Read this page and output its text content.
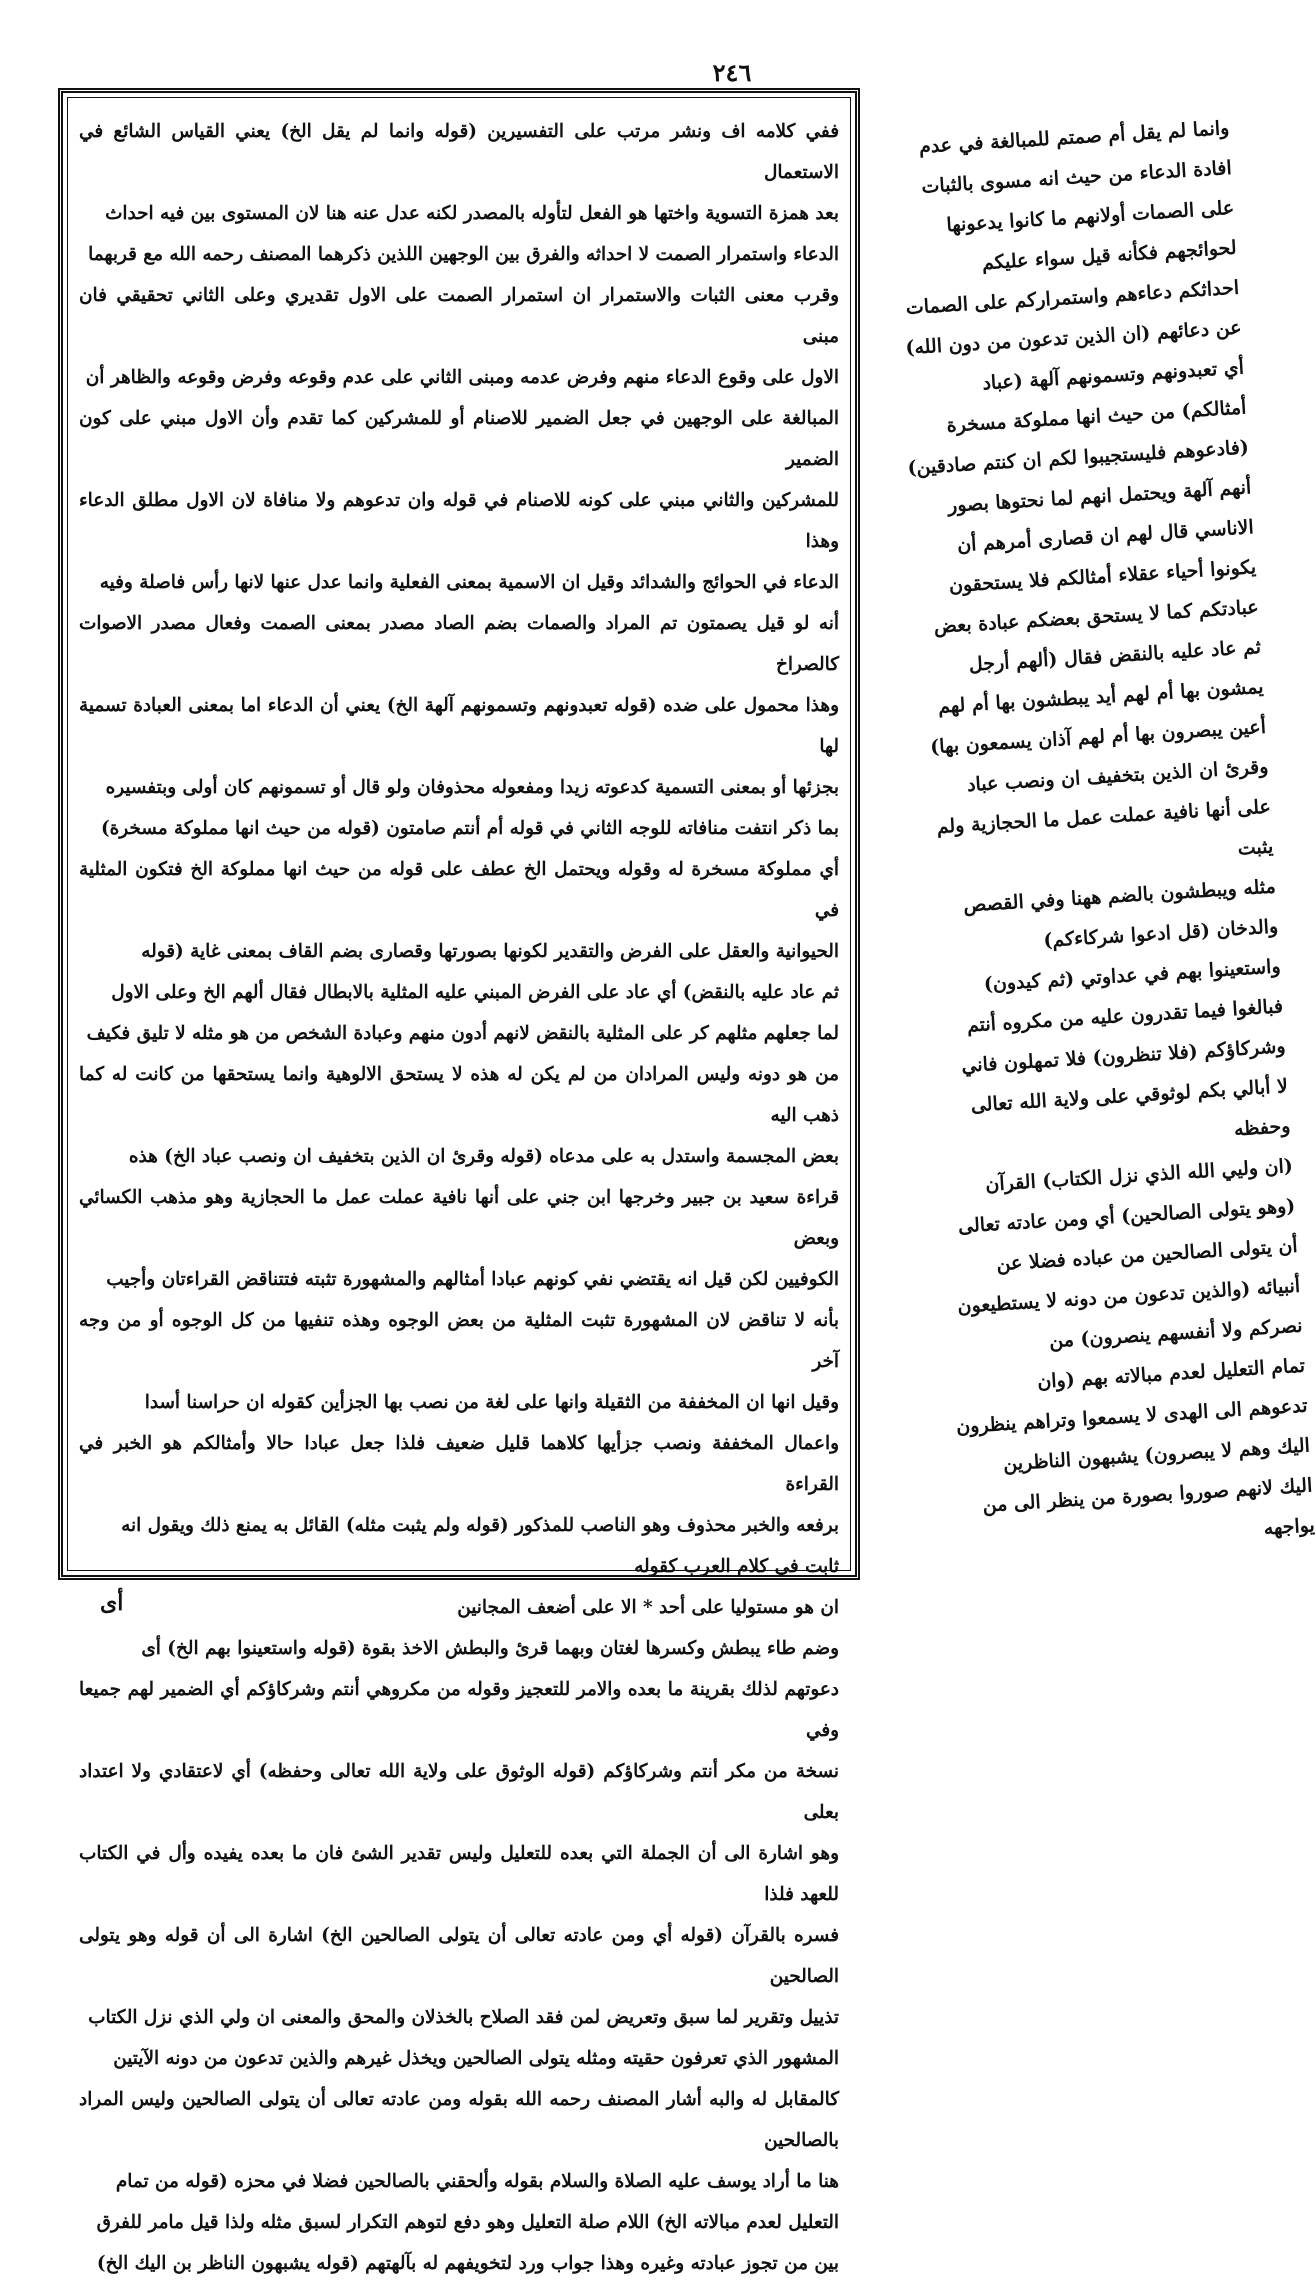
٢٤٦

ففي كلامه اف ونشر مرتب على التفسيرين (قوله وانما لم يقل الخ) يعني القياس الشائع في الاستعمال
بعد همزة التسوية واختها هو الفعل لتأوله بالمصدر لكنه عدل عنه هنا لان المستوى بين فيه احداث
الدعاء واستمرار الصمت لا احداثه والفرق بين الوجهين اللذين ذكرهما المصنف رحمه الله مع قربهما
وقرب معنى الثبات والاستمرار ان استمرار الصمت على الاول تقديري وعلى الثاني تحقيقي فان مبنى
الاول على وقوع الدعاء منهم وفرض عدمه ومبنى الثاني على عدم وقوعه وفرض وقوعه والظاهر أن
المبالغة على الوجهين في جعل الضمير للاصنام أو للمشركين كما تقدم وأن الاول مبني على كون الضمير
للمشركين والثاني مبني على كونه للاصنام في قوله وان تدعوهم ولا منافاة لان الاول مطلق الدعاء وهذا
الدعاء في الحوائج والشدائد وقيل ان الاسمية بمعنى الفعلية وانما عدل عنها لانها رأس فاصلة وفيه
أنه لو قيل يصمتون تم المراد والصمات بضم الصاد مصدر بمعنى الصمت وفعال مصدر الاصوات كالصراخ
وهذا محمول على ضده (قوله تعبدونهم وتسمونهم آلهة الخ) يعني أن الدعاء اما بمعنى العبادة تسمية لها
بجزئها أو بمعنى التسمية كدعوته زيدا ومفعوله محذوفان ولو قال أو تسمونهم كان أولى وبتفسيره
بما ذكر انتفت منافاته للوجه الثاني في قوله أم أنتم صامتون (قوله من حيث انها مملوكة مسخرة)
أي مملوكة مسخرة له وقوله ويحتمل الخ عطف على قوله من حيث انها مملوكة الخ فتكون المثلية في
الحيوانية والعقل على الفرض والتقدير لكونها بصورتها وقصارى بضم القاف بمعنى غاية (قوله
ثم عاد عليه بالنقض) أي عاد على الفرض المبني عليه المثلية بالابطال فقال ألهم الخ وعلى الاول
لما جعلهم مثلهم كر على المثلية بالنقض لانهم أدون منهم وعبادة الشخص من هو مثله لا تليق فكيف
من هو دونه وليس المرادان من لم يكن له هذه لا يستحق الالوهية وانما يستحقها من كانت له كما ذهب اليه
بعض المجسمة واستدل به على مدعاه (قوله وقرئ ان الذين بتخفيف ان ونصب عباد الخ) هذه
قراءة سعيد بن جبير وخرجها ابن جني على أنها نافية عملت عمل ما الحجازية وهو مذهب الكسائي وبعض
الكوفيين لكن قيل انه يقتضي نفي كونهم عبادا أمثالهم والمشهورة تثبته فتتناقض القراءتان وأجيب
بأنه لا تناقض لان المشهورة تثبت المثلية من بعض الوجوه وهذه تنفيها من كل الوجوه أو من وجه آخر
وقيل انها ان المخففة من الثقيلة وانها على لغة من نصب بها الجزأين كقوله ان حراسنا أسدا
واعمال المخففة ونصب جزأيها كلاهما قليل ضعيف فلذا جعل عبادا حالا وأمثالكم هو الخبر في القراءة
برفعه والخبر محذوف وهو الناصب للمذكور (قوله ولم يثبت مثله) القائل به يمنع ذلك ويقول انه
ثابت في كلام العرب كقوله
ان هو مستوليا على أحد * الا على أضعف المجانين
وضم طاء يبطش وكسرها لغتان وبهما قرئ والبطش الاخذ بقوة (قوله واستعينوا بهم الخ) أى
دعوتهم لذلك بقرينة ما بعده والامر للتعجيز وقوله من مكروهي أنتم وشركاؤكم أي الضمير لهم جميعا وفي
نسخة من مكر أنتم وشركاؤكم (قوله الوثوق على ولاية الله تعالى وحفظه) أي لاعتقادي ولا اعتداد بعلى
وهو اشارة الى أن الجملة التي بعده للتعليل وليس تقدير الشئ فان ما بعده يفيده وأل في الكتاب للعهد فلذا
فسره بالقرآن (قوله أي ومن عادته تعالى أن يتولى الصالحين الخ) اشارة الى أن قوله وهو يتولى الصالحين
تذييل وتقرير لما سبق وتعريض لمن فقد الصلاح بالخذلان والمحق والمعنى ان ولي الذي نزل الكتاب
المشهور الذي تعرفون حقيته ومثله يتولى الصالحين ويخذل غيرهم والذين تدعون من دونه الآيتين
كالمقابل له والبه أشار المصنف رحمه الله بقوله ومن عادته تعالى أن يتولى الصالحين وليس المراد بالصالحين
هنا ما أراد يوسف عليه الصلاة والسلام بقوله وألحقني بالصالحين فضلا في محزه (قوله من تمام
التعليل لعدم مبالاته الخ) اللام صلة التعليل وهو دفع لتوهم التكرار لسبق مثله ولذا قيل مامر للفرق
بين من تجوز عبادته وغيره وهذا جواب ورد لتخويفهم له بآلهتهم (قوله يشبهون الناظر بن اليك الخ)

وانما لم يقل أم صمتم للمبالغة في عدم
افادة الدعاء من حيث انه مسوى بالثبات
على الصمات أولانهم ما كانوا يدعونها
لحوائجهم فكأنه قيل سواء عليكم
احداثكم دعاءهم واستمراركم على الصمات
عن دعائهم (ان الذين تدعون من دون الله)
أي تعبدونهم وتسمونهم آلهة (عباد
أمثالكم) من حيث انها مملوكة مسخرة
(فادعوهم فليستجيبوا لكم ان كنتم صادقين)
أنهم آلهة ويحتمل انهم لما نحتوها بصور
الاناسي قال لهم ان قصارى أمرهم أن
يكونوا أحياء عقلاء أمثالكم فلا يستحقون
عبادتكم كما لا يستحق بعضكم عبادة بعض
ثم عاد عليه بالنقض فقال (ألهم أرجل
يمشون بها أم لهم أيد يبطشون بها أم لهم
أعين يبصرون بها أم لهم آذان يسمعون بها)
وقرئ ان الذين بتخفيف ان ونصب عباد
على أنها نافية عملت عمل ما الحجازية ولم يثبت
مثله ويبطشون بالضم ههنا وفي القصص
والدخان (قل ادعوا شركاءكم)
واستعينوا بهم في عداوتي (ثم كيدون)
فبالغوا فيما تقدرون عليه من مكروه أنتم
وشركاؤكم (فلا تنظرون) فلا تمهلون فاني
لا أبالي بكم لوثوقي على ولاية الله تعالى وحفظه
(ان وليي الله الذي نزل الكتاب) القرآن
(وهو يتولى الصالحين) أي ومن عادته تعالى
أن يتولى الصالحين من عباده فضلا عن
أنبيائه (والذين تدعون من دونه لا يستطيعون
نصركم ولا أنفسهم ينصرون) من
تمام التعليل لعدم مبالاته بهم (وان
تدعوهم الى الهدى لا يسمعوا وتراهم ينظرون
اليك وهم لا يبصرون) يشبهون الناظرين
اليك لانهم صوروا بصورة من ينظر الى من
يواجهه

أى
